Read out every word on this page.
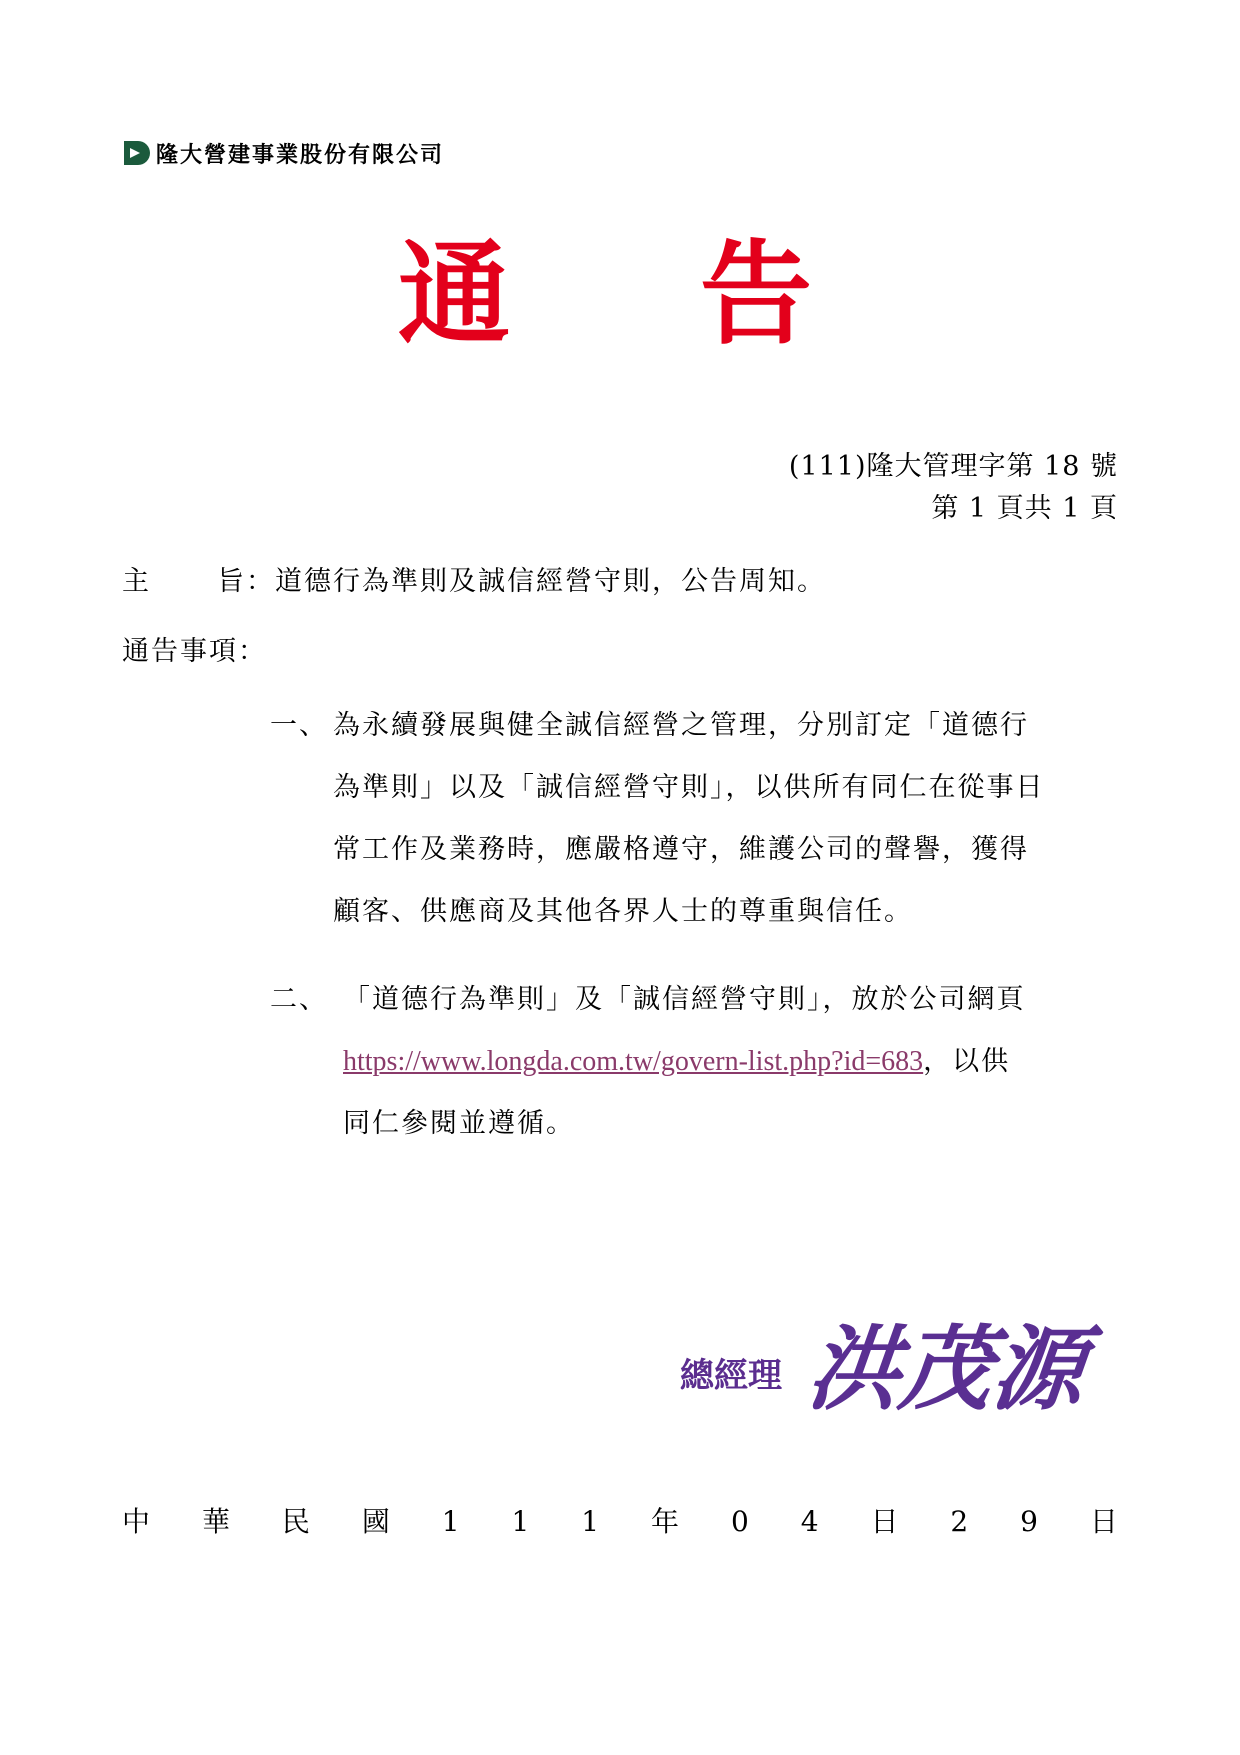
隆大營建事業股份有限公司
通 告
(111)隆大管理字第 18 號
第 1 頁共 1 頁
主 旨：道德行為準則及誠信經營守則，公告周知。
通告事項：
一、 為永續發展與健全誠信經營之管理，分別訂定「道德行
為準則」以及「誠信經營守則」，以供所有同仁在從事日
常工作及業務時，應嚴格遵守，維護公司的聲譽，獲得
顧客、供應商及其他各界人士的尊重與信任。
二、 「道德行為準則」及「誠信經營守則」，放於公司網頁
https://www.longda.com.tw/govern-list.php?id=683，以供
同仁參閱並遵循。
總經理 洪茂源
中 華 民 國 1 1 1 年 0 4 日 2 9 日
